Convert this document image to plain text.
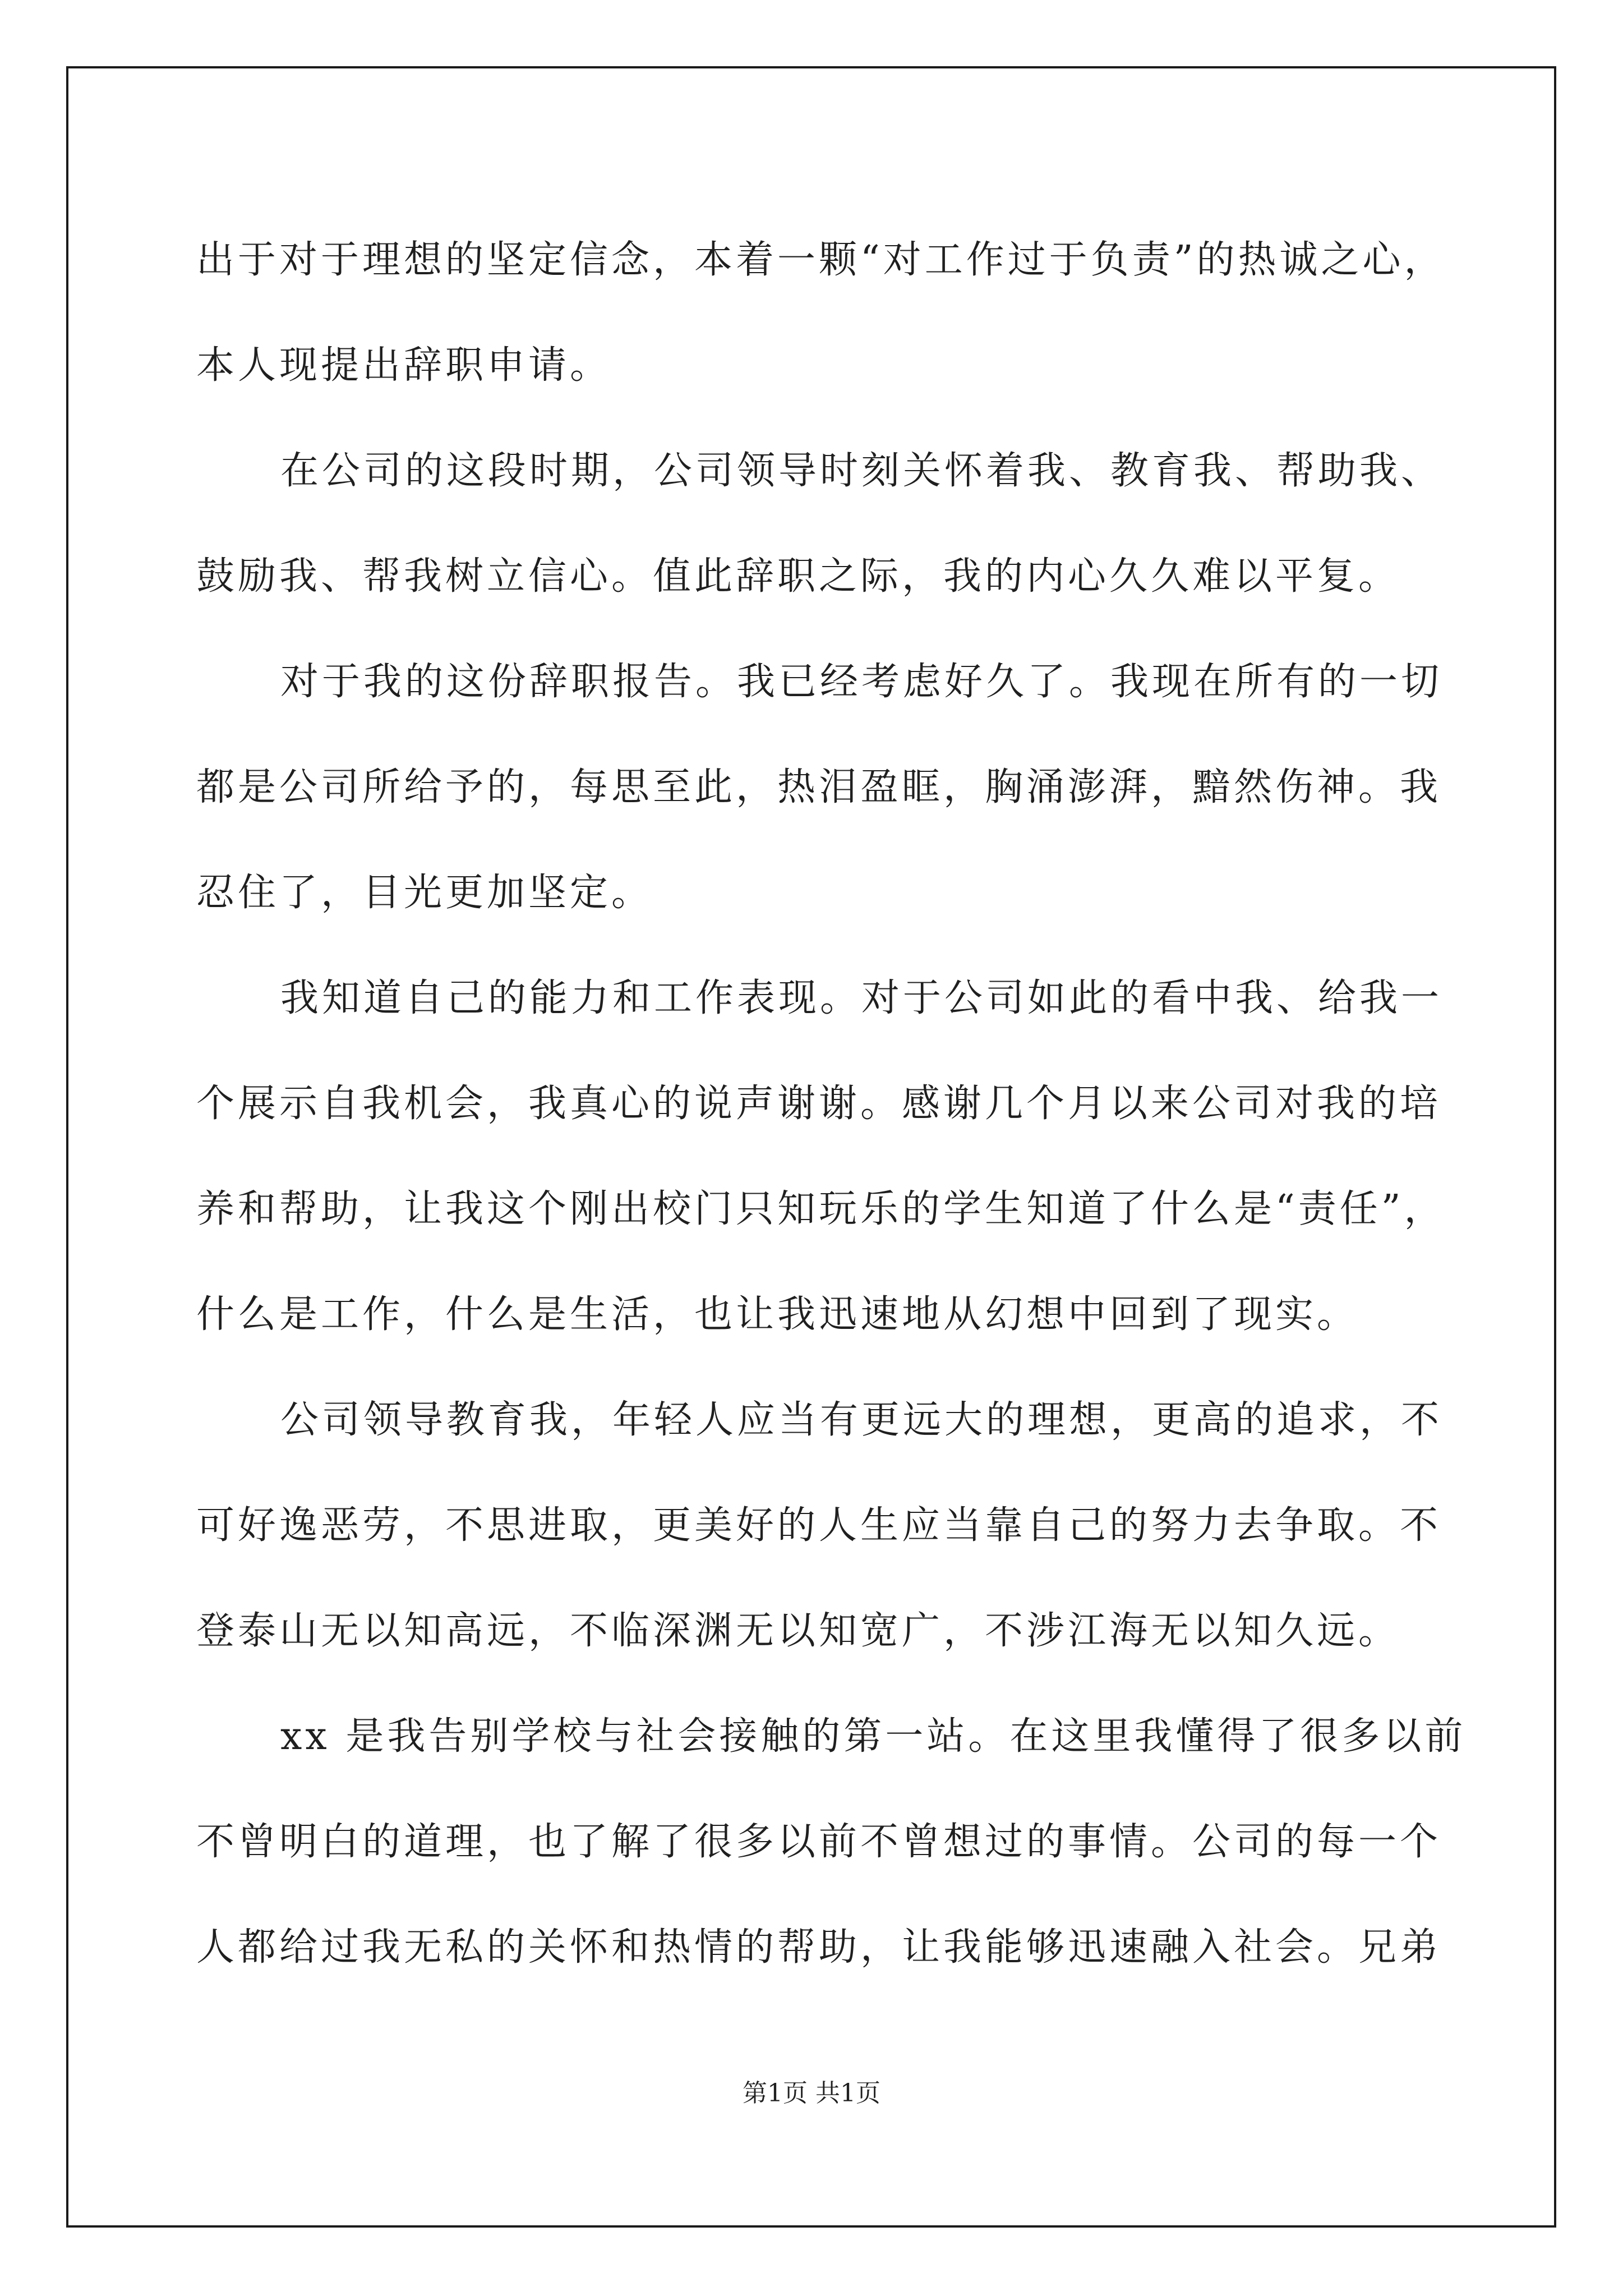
出于对于理想的坚定信念，本着一颗“对工作过于负责”的热诚之心，
本人现提出辞职申请。
在公司的这段时期，公司领导时刻关怀着我、教育我、帮助我、
鼓励我、帮我树立信心。值此辞职之际，我的内心久久难以平复。
对于我的这份辞职报告。我已经考虑好久了。我现在所有的一切
都是公司所给予的，每思至此，热泪盈眶，胸涌澎湃，黯然伤神。我
忍住了，目光更加坚定。
我知道自己的能力和工作表现。对于公司如此的看中我、给我一
个展示自我机会，我真心的说声谢谢。感谢几个月以来公司对我的培
养和帮助，让我这个刚出校门只知玩乐的学生知道了什么是“责任”，
什么是工作，什么是生活，也让我迅速地从幻想中回到了现实。
公司领导教育我，年轻人应当有更远大的理想，更高的追求，不
可好逸恶劳，不思进取，更美好的人生应当靠自己的努力去争取。不
登泰山无以知高远，不临深渊无以知宽广，不涉江海无以知久远。
xx 是我告别学校与社会接触的第一站。在这里我懂得了很多以前
不曾明白的道理，也了解了很多以前不曾想过的事情。公司的每一个
人都给过我无私的关怀和热情的帮助，让我能够迅速融入社会。兄弟
第1页 共1页
